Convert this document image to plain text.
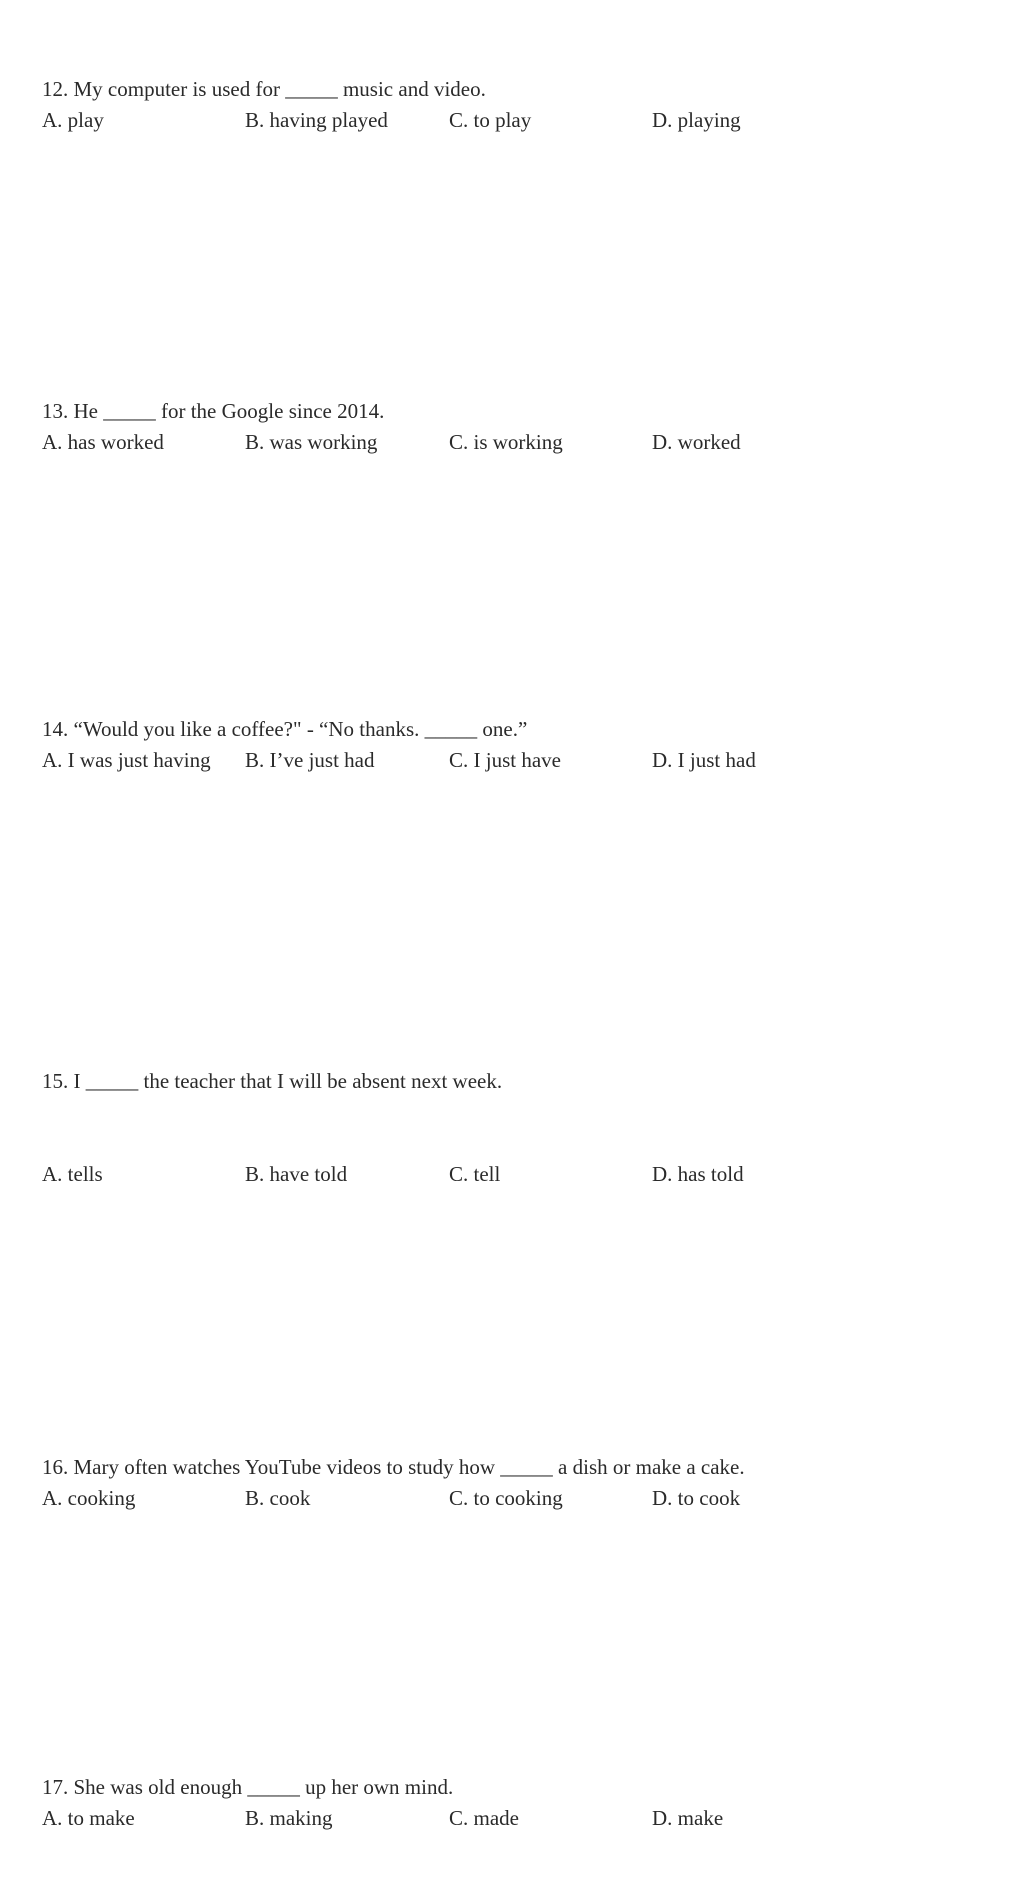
12. My computer is used for _____ music and video.
A. play	B. having played	C. to play	D. playing
13. He _____ for the Google since 2014.
A. has worked	B. was working	C. is working	D. worked
14. “Would you like a coffee?" - “No thanks. _____ one.”
A. I was just having B. I’ve just had	C. I just have	D. I just had
15. I _____ the teacher that I will be absent next week.
A. tells	B. have told	C. tell	D. has told
16. Mary often watches YouTube videos to study how _____ a dish or make a cake.
A. cooking	B. cook	C. to cooking	D. to cook
17. She was old enough _____ up her own mind.
A. to make	B. making	C. made	D. make
